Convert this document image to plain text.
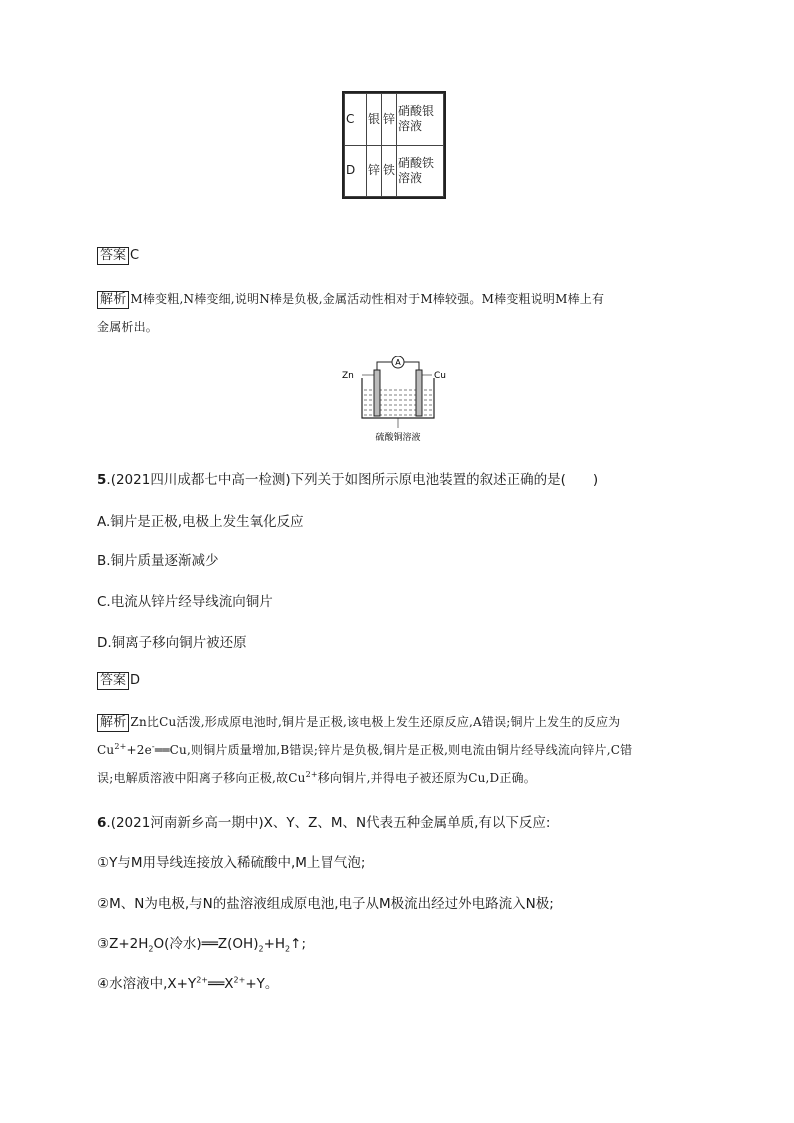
C	银	锌	硝酸银溶液
D	锌	铁	硝酸铁溶液
答案 C
解析 M棒变粗,N棒变细,说明N棒是负极,金属活动性相对于M棒较强。M棒变粗说明M棒上有
金属析出。
A
Zn	Cu
硫酸铜溶液
5.(2021四川成都七中高一检测)下列关于如图所示原电池装置的叙述正确的是(　　)
A.铜片是正极,电极上发生氧化反应
B.铜片质量逐渐减少
C.电流从锌片经导线流向铜片
D.铜离子移向铜片被还原
答案 D
解析 Zn比Cu活泼,形成原电池时,铜片是正极,该电极上发生还原反应,A错误;铜片上发生的反应为
$Cu^{2+}+2e^-══Cu$,则铜片质量增加,B错误;锌片是负极,铜片是正极,则电流由铜片经导线流向锌片,C错
误;电解质溶液中阳离子移向正极,故$Cu^{2+}$移向铜片,并得电子被还原为Cu,D正确。
6.(2021河南新乡高一期中)X、Y、Z、M、N代表五种金属单质,有以下反应:
①Y与M用导线连接放入稀硫酸中,M上冒气泡;
②M、N为电极,与N的盐溶液组成原电池,电子从M极流出经过外电路流入N极;
$③Z+2H_2O$(冷水)$══Z(OH)_2+H_2↑$;
④水溶液中$,X+Y^{2+}══X^{2+}+Y$。
